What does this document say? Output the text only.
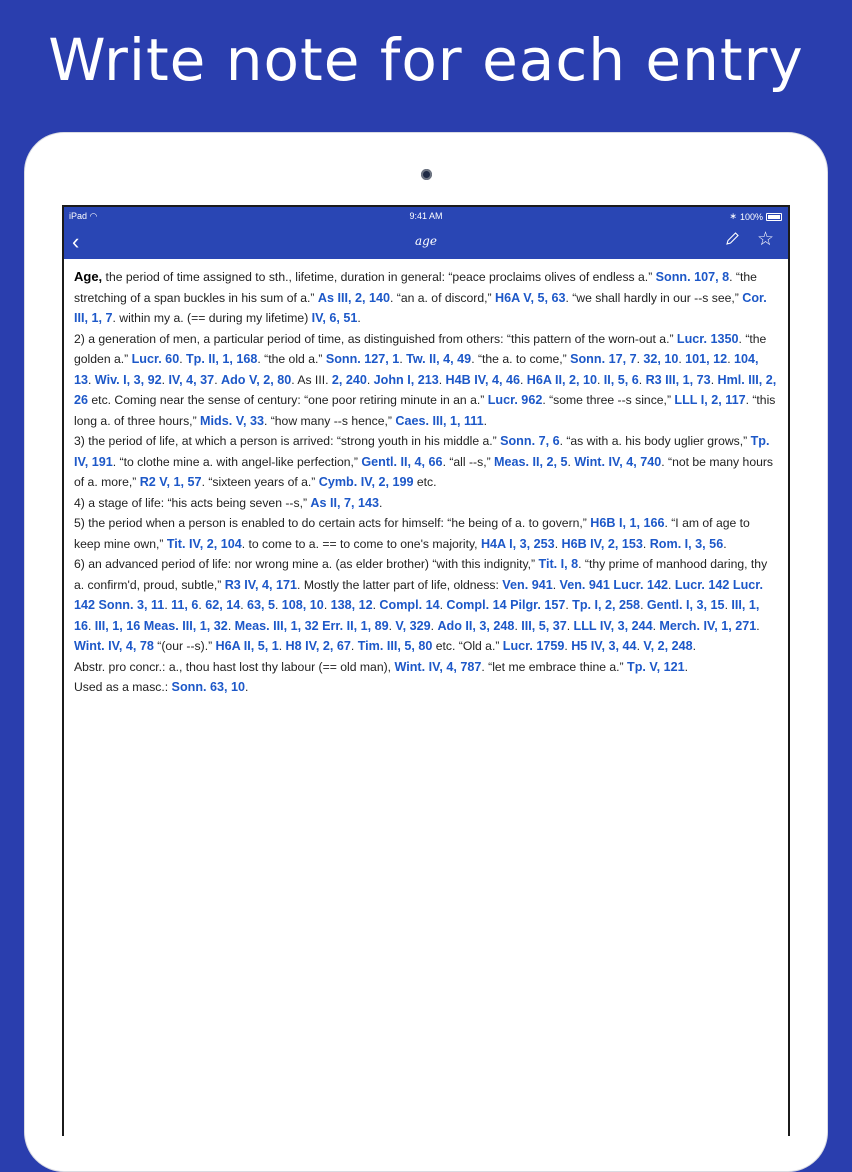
Write note for each entry
iPad ◠	9:41 AM	∗ 100%
‹	age	☆

Age, the period of time assigned to sth., lifetime, duration in general: “peace proclaims olives of endless a.” Sonn. 107, 8. “the stretching of a span buckles in his sum of a.” As III, 2, 140. “an a. of discord,” H6A V, 5, 63. “we shall hardly in our --s see,” Cor. III, 1, 7. within my a. (== during my lifetime) IV, 6, 51.

2) a generation of men, a particular period of time, as distinguished from others: “this pattern of the worn-out a.” Lucr. 1350. “the golden a.” Lucr. 60. Tp. II, 1, 168. “the old a.” Sonn. 127, 1. Tw. II, 4, 49. “the a. to come,” Sonn. 17, 7. 32, 10. 101, 12. 104, 13. Wiv. I, 3, 92. IV, 4, 37. Ado V, 2, 80. As III. 2, 240. John I, 213. H4B IV, 4, 46. H6A II, 2, 10. II, 5, 6. R3 III, 1, 73. Hml. III, 2, 26 etc. Coming near the sense of century: “one poor retiring minute in an a.” Lucr. 962. “some three --s since,” LLL I, 2, 117. “this long a. of three hours,” Mids. V, 33. “how many --s hence,” Caes. III, 1, 111.

3) the period of life, at which a person is arrived: “strong youth in his middle a.” Sonn. 7, 6. “as with a. his body uglier grows,” Tp. IV, 191. “to clothe mine a. with angel-like perfection,” Gentl. II, 4, 66. “all --s,” Meas. II, 2, 5. Wint. IV, 4, 740. “not be many hours of a. more,” R2 V, 1, 57. “sixteen years of a.” Cymb. IV, 2, 199 etc.

4) a stage of life: “his acts being seven --s,” As II, 7, 143.

5) the period when a person is enabled to do certain acts for himself: “he being of a. to govern,” H6B I, 1, 166. “I am of age to keep mine own,” Tit. IV, 2, 104. to come to a. == to come to one's majority, H4A I, 3, 253. H6B IV, 2, 153. Rom. I, 3, 56.

6) an advanced period of life: nor wrong mine a. (as elder brother) “with this indignity,” Tit. I, 8. “thy prime of manhood daring, thy a. confirm'd, proud, subtle,” R3 IV, 4, 171. Mostly the latter part of life, oldness: Ven. 941. Ven. 941 Lucr. 142. Lucr. 142 Lucr. 142 Sonn. 3, 11. 11, 6. 62, 14. 63, 5. 108, 10. 138, 12. Compl. 14. Compl. 14 Pilgr. 157. Tp. I, 2, 258. Gentl. I, 3, 15. III, 1, 16. III, 1, 16 Meas. III, 1, 32. Meas. III, 1, 32 Err. II, 1, 89. V, 329. Ado II, 3, 248. III, 5, 37. LLL IV, 3, 244. Merch. IV, 1, 271. Wint. IV, 4, 78 “(our --s).” H6A II, 5, 1. H8 IV, 2, 67. Tim. III, 5, 80 etc. “Old a.” Lucr. 1759. H5 IV, 3, 44. V, 2, 248.

Abstr. pro concr.: a., thou hast lost thy labour (== old man), Wint. IV, 4, 787. “let me embrace thine a.” Tp. V, 121.

Used as a masc.: Sonn. 63, 10.
